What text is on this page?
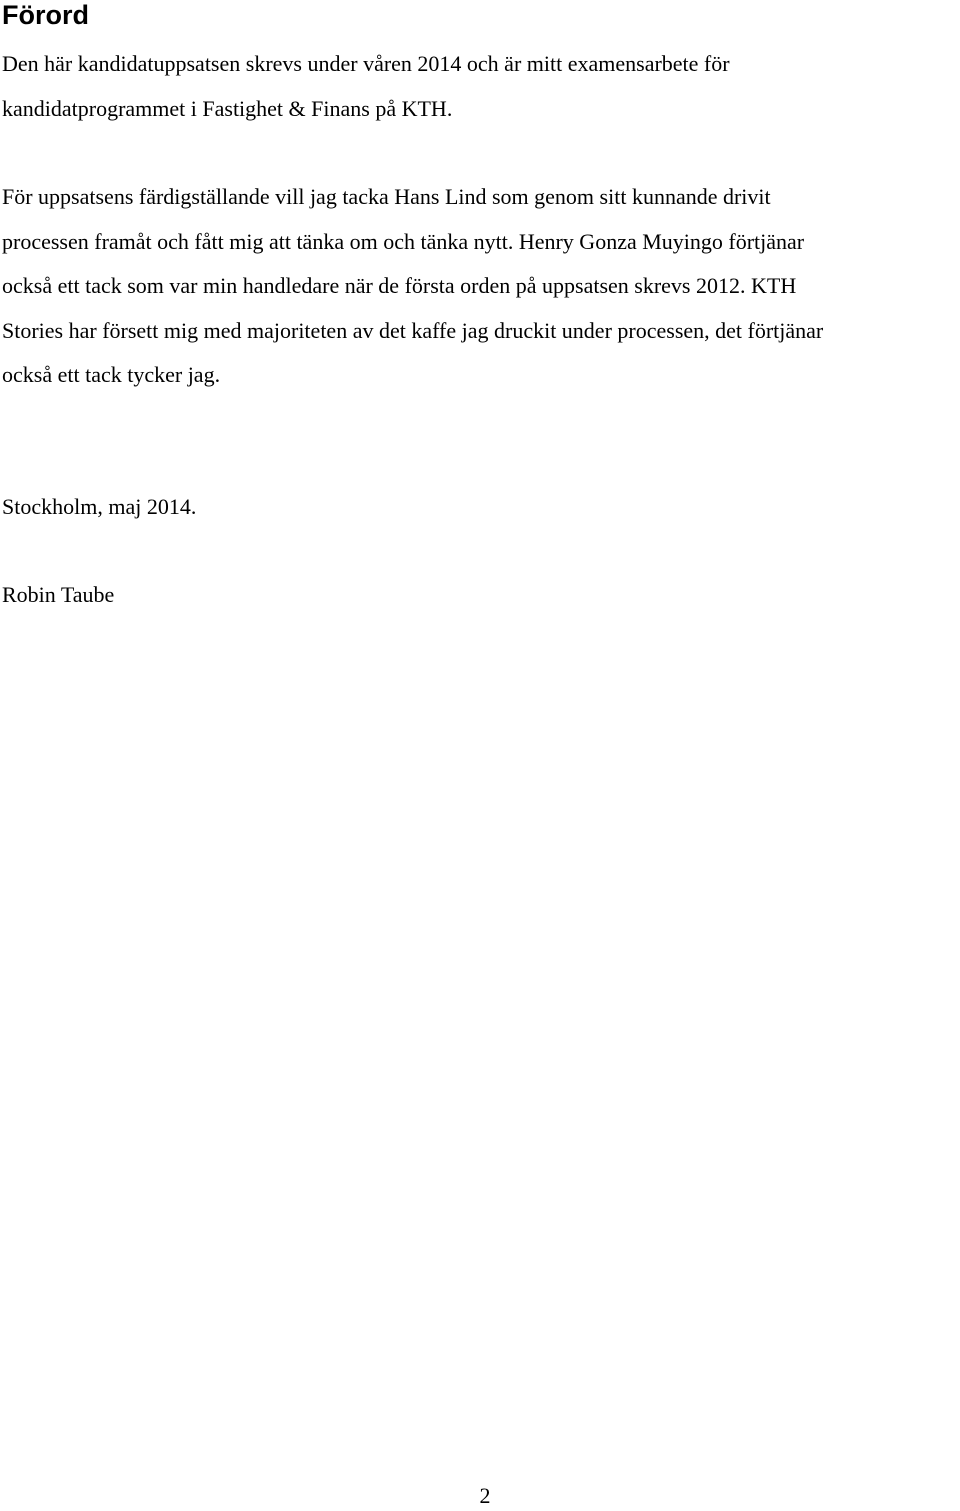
Förord

Den här kandidatuppsatsen skrevs under våren 2014 och är mitt examensarbete för
kandidatprogrammet i Fastighet & Finans på KTH.

För uppsatsens färdigställande vill jag tacka Hans Lind som genom sitt kunnande drivit
processen framåt och fått mig att tänka om och tänka nytt. Henry Gonza Muyingo förtjänar
också ett tack som var min handledare när de första orden på uppsatsen skrevs 2012. KTH
Stories har försett mig med majoriteten av det kaffe jag druckit under processen, det förtjänar
också ett tack tycker jag.

Stockholm, maj 2014.

Robin Taube

2
